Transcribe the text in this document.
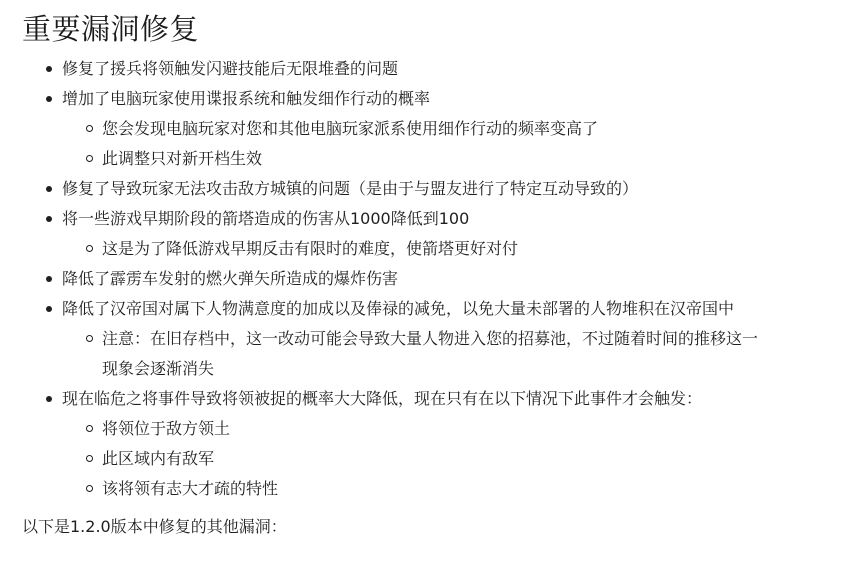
重要漏洞修复
修复了援兵将领触发闪避技能后无限堆叠的问题
增加了电脑玩家使用谍报系统和触发细作行动的概率
您会发现电脑玩家对您和其他电脑玩家派系使用细作行动的频率变高了
此调整只对新开档生效
修复了导致玩家无法攻击敌方城镇的问题（是由于与盟友进行了特定互动导致的）
将一些游戏早期阶段的箭塔造成的伤害从1000降低到100
这是为了降低游戏早期反击有限时的难度，使箭塔更好对付
降低了霹雳车发射的燃火弹矢所造成的爆炸伤害
降低了汉帝国对属下人物满意度的加成以及俸禄的减免，以免大量未部署的人物堆积在汉帝国中
注意：在旧存档中，这一改动可能会导致大量人物进入您的招募池，不过随着时间的推移这一现象会逐渐消失
现在临危之将事件导致将领被捉的概率大大降低，现在只有在以下情况下此事件才会触发：
将领位于敌方领土
此区域内有敌军
该将领有志大才疏的特性

以下是1.2.0版本中修复的其他漏洞：
